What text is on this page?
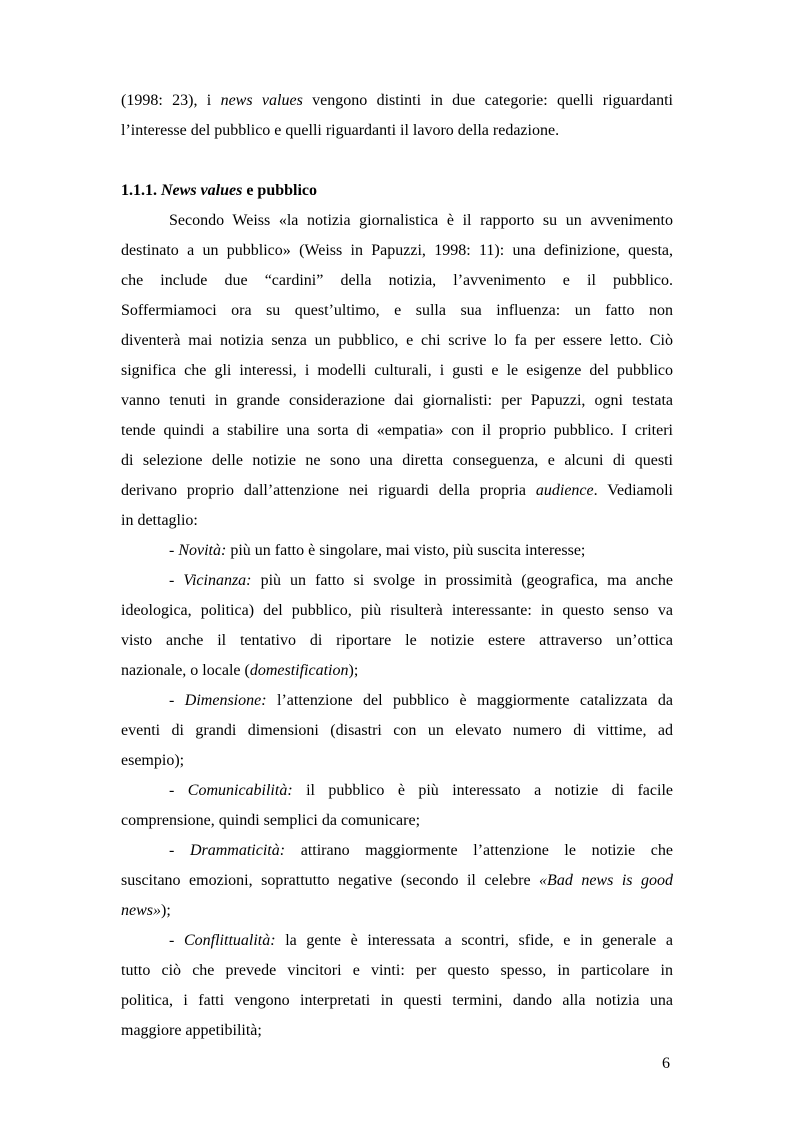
(1998: 23), i news values vengono distinti in due categorie: quelli riguardanti
l’interesse del pubblico e quelli riguardanti il lavoro della redazione.
1.1.1. News values e pubblico
Secondo Weiss «la notizia giornalistica è il rapporto su un avvenimento
destinato a un pubblico» (Weiss in Papuzzi, 1998: 11): una definizione, questa,
che include due “cardini” della notizia, l’avvenimento e il pubblico.
Soffermiamoci ora su quest’ultimo, e sulla sua influenza: un fatto non
diventerà mai notizia senza un pubblico, e chi scrive lo fa per essere letto. Ciò
significa che gli interessi, i modelli culturali, i gusti e le esigenze del pubblico
vanno tenuti in grande considerazione dai giornalisti: per Papuzzi, ogni testata
tende quindi a stabilire una sorta di «empatia» con il proprio pubblico. I criteri
di selezione delle notizie ne sono una diretta conseguenza, e alcuni di questi
derivano proprio dall’attenzione nei riguardi della propria audience. Vediamoli
in dettaglio:
- Novità: più un fatto è singolare, mai visto, più suscita interesse;
- Vicinanza: più un fatto si svolge in prossimità (geografica, ma anche
ideologica, politica) del pubblico, più risulterà interessante: in questo senso va
visto anche il tentativo di riportare le notizie estere attraverso un’ottica
nazionale, o locale (domestification);
- Dimensione: l’attenzione del pubblico è maggiormente catalizzata da
eventi di grandi dimensioni (disastri con un elevato numero di vittime, ad
esempio);
- Comunicabilità: il pubblico è più interessato a notizie di facile
comprensione, quindi semplici da comunicare;
- Drammaticità: attirano maggiormente l’attenzione le notizie che
suscitano emozioni, soprattutto negative (secondo il celebre «Bad news is good
news»);
- Conflittualità: la gente è interessata a scontri, sfide, e in generale a
tutto ciò che prevede vincitori e vinti: per questo spesso, in particolare in
politica, i fatti vengono interpretati in questi termini, dando alla notizia una
maggiore appetibilità;
6
